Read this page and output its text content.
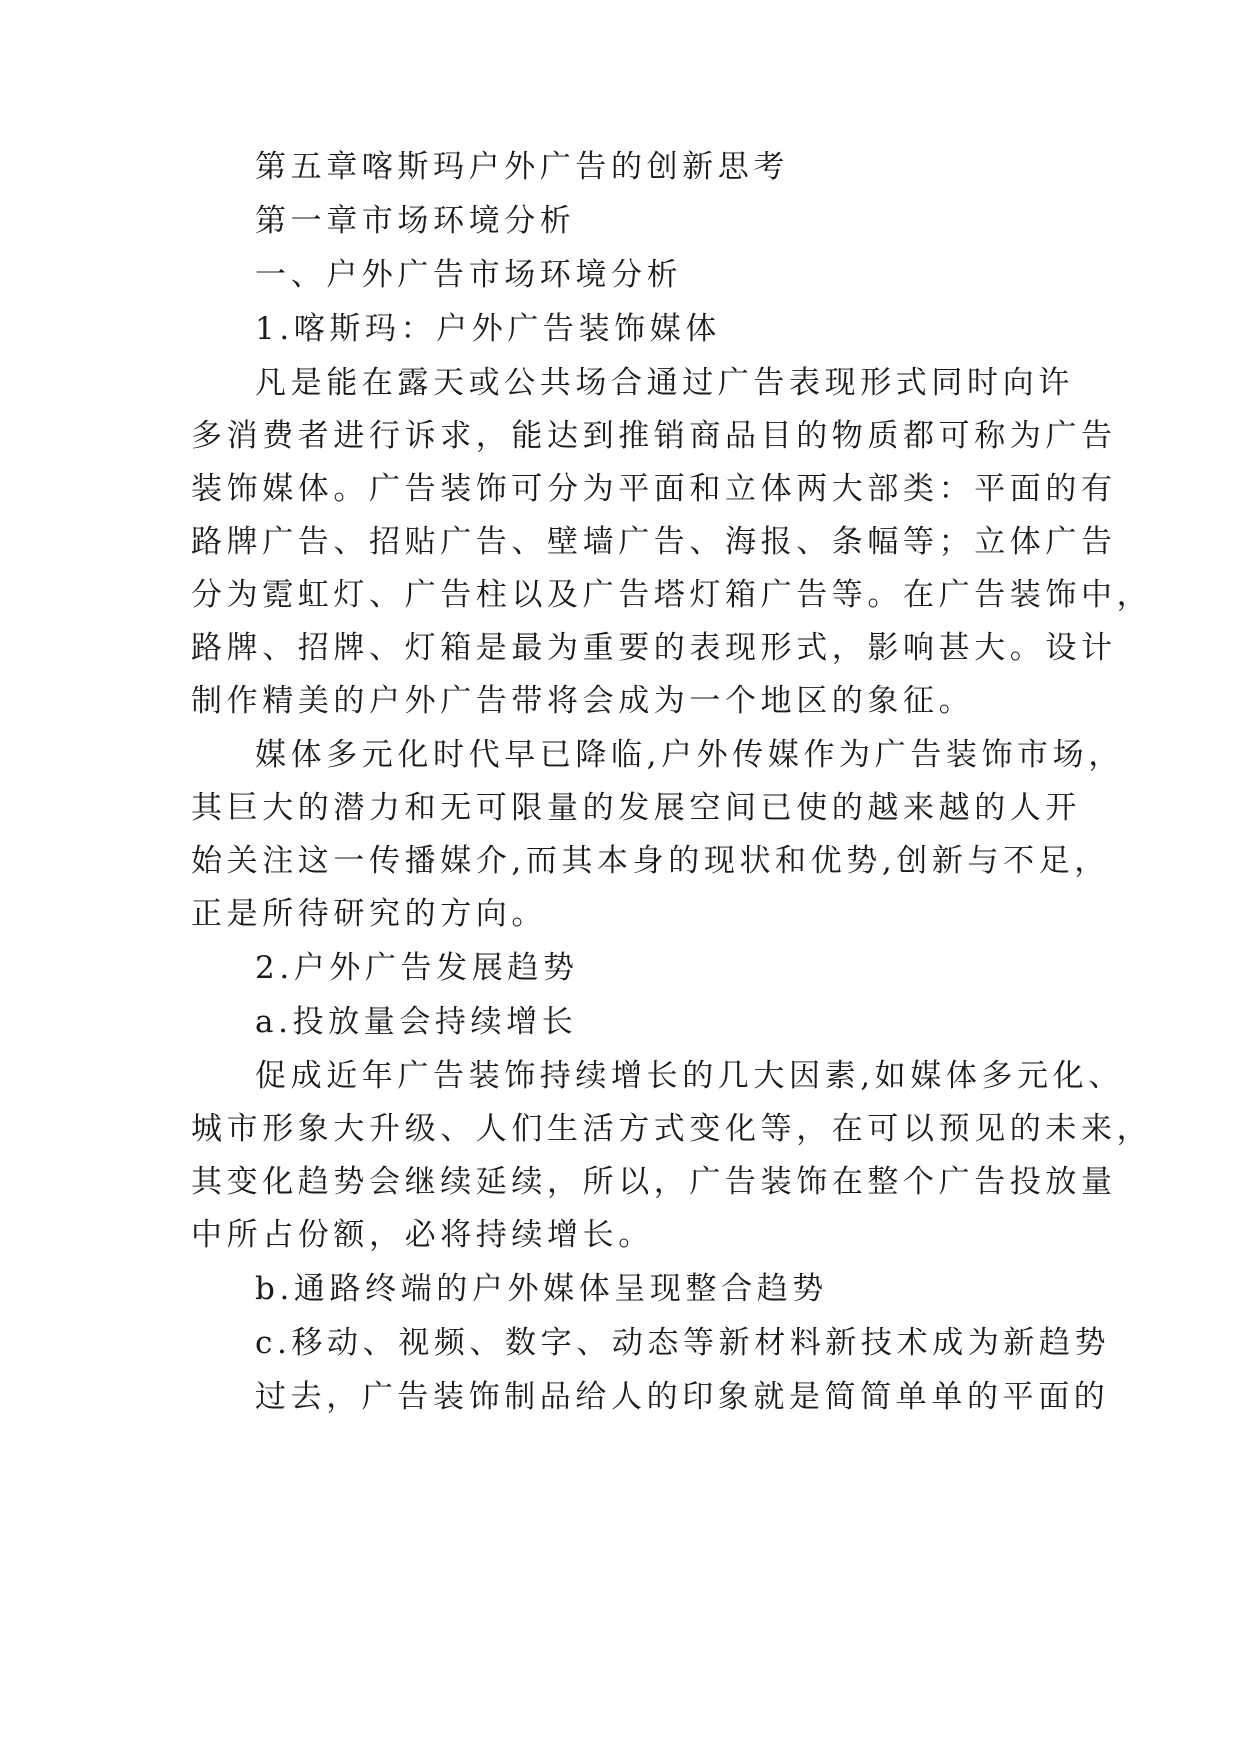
第五章喀斯玛户外广告的创新思考
第一章市场环境分析
一、户外广告市场环境分析
1.喀斯玛：户外广告装饰媒体
凡是能在露天或公共场合通过广告表现形式同时向许
多消费者进行诉求，能达到推销商品目的物质都可称为广告
装饰媒体。广告装饰可分为平面和立体两大部类：平面的有
路牌广告、招贴广告、壁墙广告、海报、条幅等；立体广告
分为霓虹灯、广告柱以及广告塔灯箱广告等。在广告装饰中，
路牌、招牌、灯箱是最为重要的表现形式，影响甚大。设计
制作精美的户外广告带将会成为一个地区的象征。
媒体多元化时代早已降临,户外传媒作为广告装饰市场，
其巨大的潜力和无可限量的发展空间已使的越来越的人开
始关注这一传播媒介,而其本身的现状和优势,创新与不足，
正是所待研究的方向。
2.户外广告发展趋势
a.投放量会持续增长
促成近年广告装饰持续增长的几大因素,如媒体多元化、
城市形象大升级、人们生活方式变化等，在可以预见的未来，
其变化趋势会继续延续，所以，广告装饰在整个广告投放量
中所占份额，必将持续增长。
b.通路终端的户外媒体呈现整合趋势
c.移动、视频、数字、动态等新材料新技术成为新趋势
过去，广告装饰制品给人的印象就是简简单单的平面的
